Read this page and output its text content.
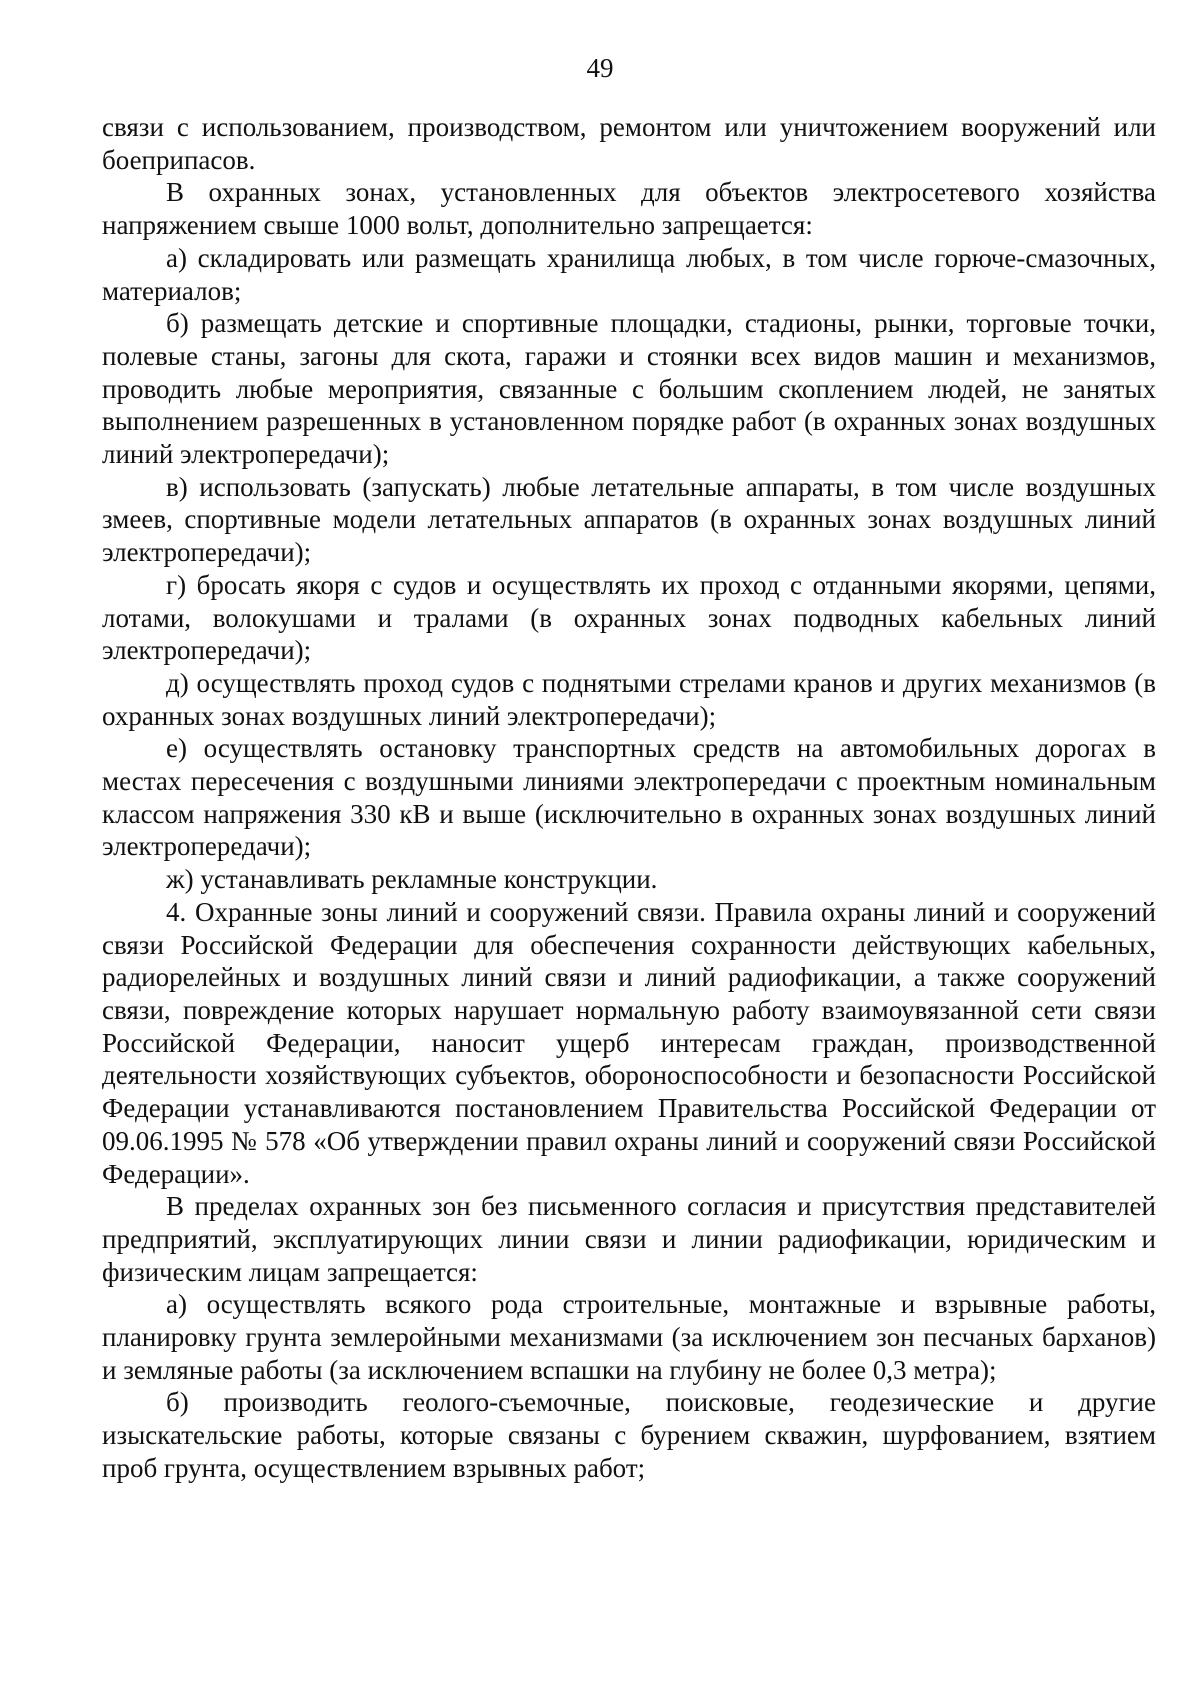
49

связи с использованием, производством, ремонтом или уничтожением вооружений или боеприпасов.

В охранных зонах, установленных для объектов электросетевого хозяйства напряжением свыше 1000 вольт, дополнительно запрещается:

а) складировать или размещать хранилища любых, в том числе горюче-смазочных, материалов;

б) размещать детские и спортивные площадки, стадионы, рынки, торговые точки, полевые станы, загоны для скота, гаражи и стоянки всех видов машин и механизмов, проводить любые мероприятия, связанные с большим скоплением людей, не занятых выполнением разрешенных в установленном порядке работ (в охранных зонах воздушных линий электропередачи);

в) использовать (запускать) любые летательные аппараты, в том числе воздушных змеев, спортивные модели летательных аппаратов (в охранных зонах воздушных линий электропередачи);

г) бросать якоря с судов и осуществлять их проход с отданными якорями, цепями, лотами, волокушами и тралами (в охранных зонах подводных кабельных линий электропередачи);

д) осуществлять проход судов с поднятыми стрелами кранов и других механизмов (в охранных зонах воздушных линий электропередачи);

е) осуществлять остановку транспортных средств на автомобильных дорогах в местах пересечения с воздушными линиями электропередачи с проектным номинальным классом напряжения 330 кВ и выше (исключительно в охранных зонах воздушных линий электропередачи);

ж) устанавливать рекламные конструкции.

4. Охранные зоны линий и сооружений связи. Правила охраны линий и сооружений связи Российской Федерации для обеспечения сохранности действующих кабельных, радиорелейных и воздушных линий связи и линий радиофикации, а также сооружений связи, повреждение которых нарушает нормальную работу взаимоувязанной сети связи Российской Федерации, наносит ущерб интересам граждан, производственной деятельности хозяйствующих субъектов, обороноспособности и безопасности Российской Федерации устанавливаются постановлением Правительства Российской Федерации от 09.06.1995 № 578 «Об утверждении правил охраны линий и сооружений связи Российской Федерации».

В пределах охранных зон без письменного согласия и присутствия представителей предприятий, эксплуатирующих линии связи и линии радиофикации, юридическим и физическим лицам запрещается:

а) осуществлять всякого рода строительные, монтажные и взрывные работы, планировку грунта землеройными механизмами (за исключением зон песчаных барханов) и земляные работы (за исключением вспашки на глубину не более 0,3 метра);

б) производить геолого-съемочные, поисковые, геодезические и другие изыскательские работы, которые связаны с бурением скважин, шурфованием, взятием проб грунта, осуществлением взрывных работ;
